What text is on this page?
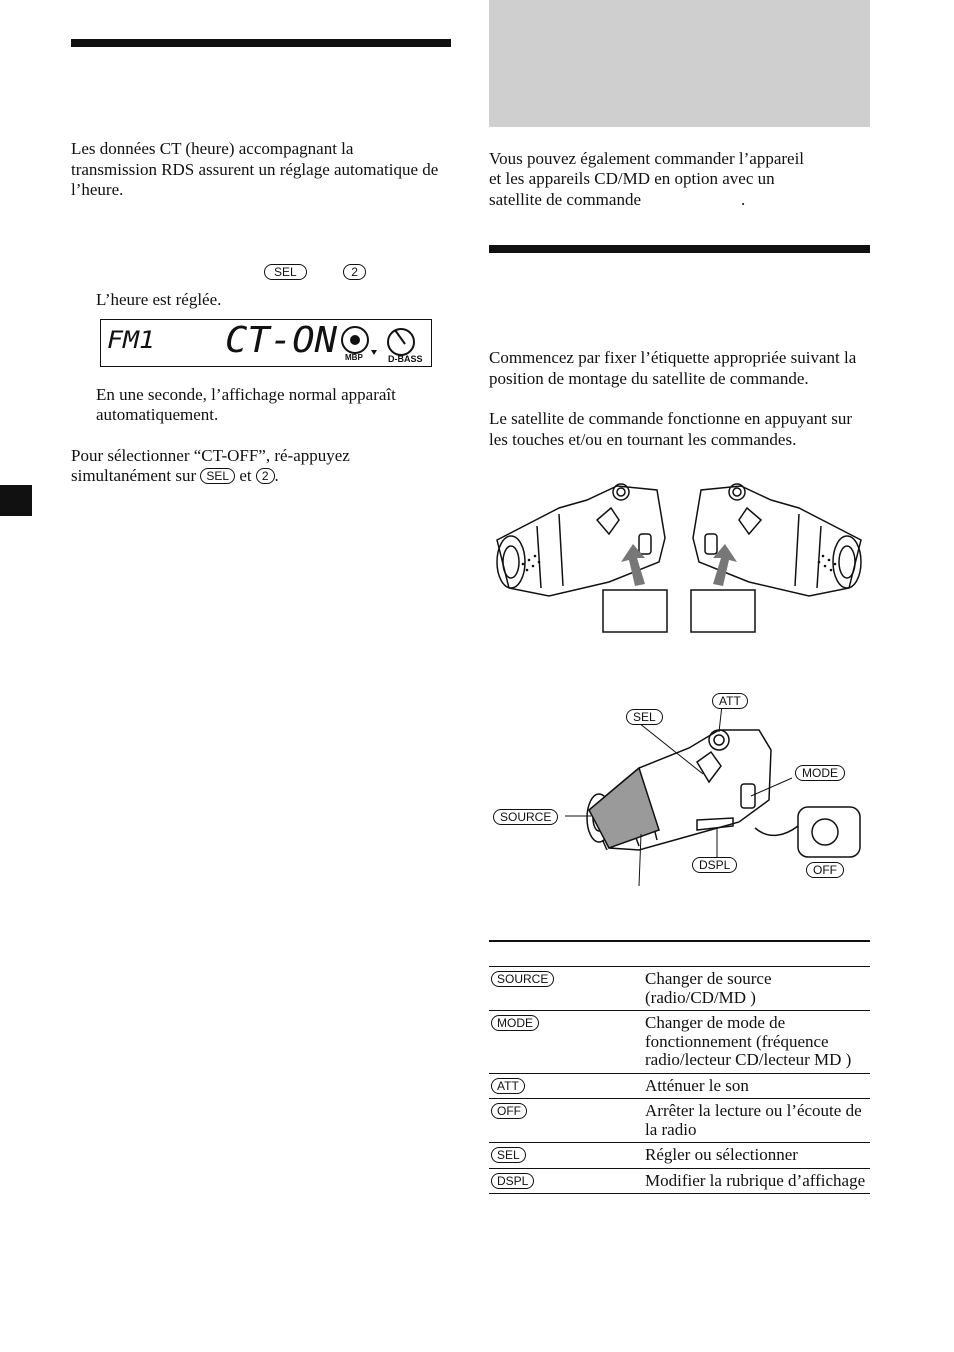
Les données CT (heure) accompagnant la transmission RDS assurent un réglage automatique de l’heure.
SEL	2
L’heure est réglée.
FM1 CT-ON MBP	D-BASS
En une seconde, l’affichage normal apparaît
automatiquement.
Pour sélectionner “CT-OFF”, ré-appuyez
simultanément sur SEL et 2 .
Vous pouvez également commander l’appareil
et les appareils CD/MD en option avec un
satellite de commande	.
Commencez par fixer l’étiquette appropriée suivant la position de montage du satellite de commande.
Le satellite de commande fonctionne en appuyant sur les touches et/ou en tournant les commandes.
ATT
SEL
MODE
SOURCE
DSPL	OFF
SOURCE	Changer de source (radio/CD/MD )
MODE	Changer de mode de fonctionnement (fréquence radio/lecteur CD/lecteur MD )
ATT	Atténuer le son
OFF	Arrêter la lecture ou l’écoute de la radio
SEL	Régler ou sélectionner
DSPL	Modifier la rubrique d’affichage
